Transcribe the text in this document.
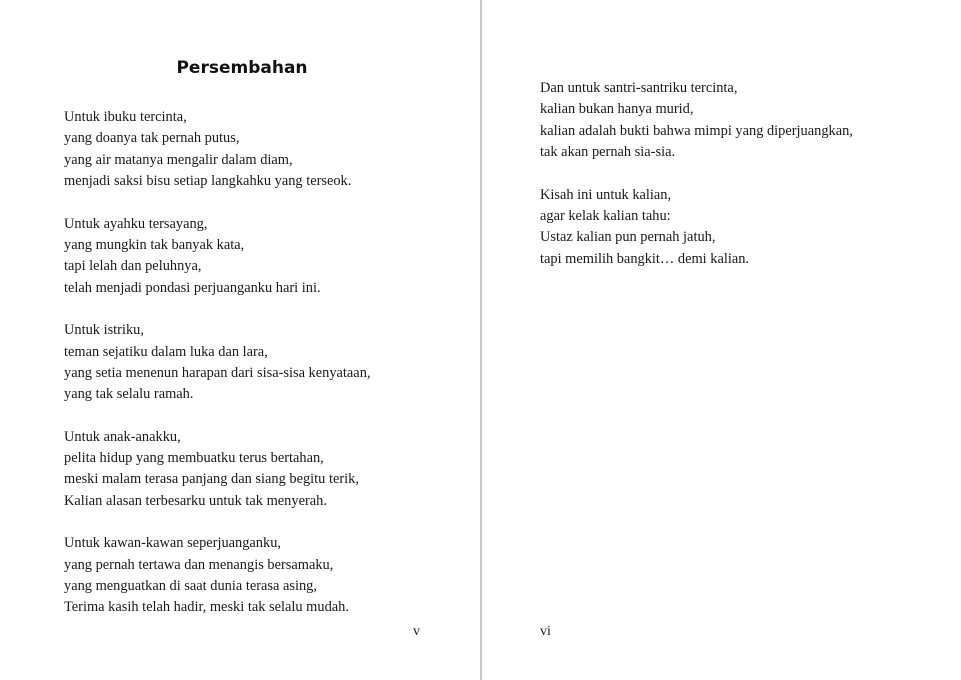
Persembahan
Untuk ibuku tercinta,
yang doanya tak pernah putus,
yang air matanya mengalir dalam diam,
menjadi saksi bisu setiap langkahku yang terseok.
Untuk ayahku tersayang,
yang mungkin tak banyak kata,
tapi lelah dan peluhnya,
telah menjadi pondasi perjuanganku hari ini.
Untuk istriku,
teman sejatiku dalam luka dan lara,
yang setia menenun harapan dari sisa-sisa kenyataan,
yang tak selalu ramah.
Untuk anak-anakku,
pelita hidup yang membuatku terus bertahan,
meski malam terasa panjang dan siang begitu terik,
Kalian alasan terbesarku untuk tak menyerah.
Untuk kawan-kawan seperjuanganku,
yang pernah tertawa dan menangis bersamaku,
yang menguatkan di saat dunia terasa asing,
Terima kasih telah hadir, meski tak selalu mudah.
v
Dan untuk santri-santriku tercinta,
kalian bukan hanya murid,
kalian adalah bukti bahwa mimpi yang diperjuangkan,
tak akan pernah sia-sia.
Kisah ini untuk kalian,
agar kelak kalian tahu:
Ustaz kalian pun pernah jatuh,
tapi memilih bangkit… demi kalian.
vi
